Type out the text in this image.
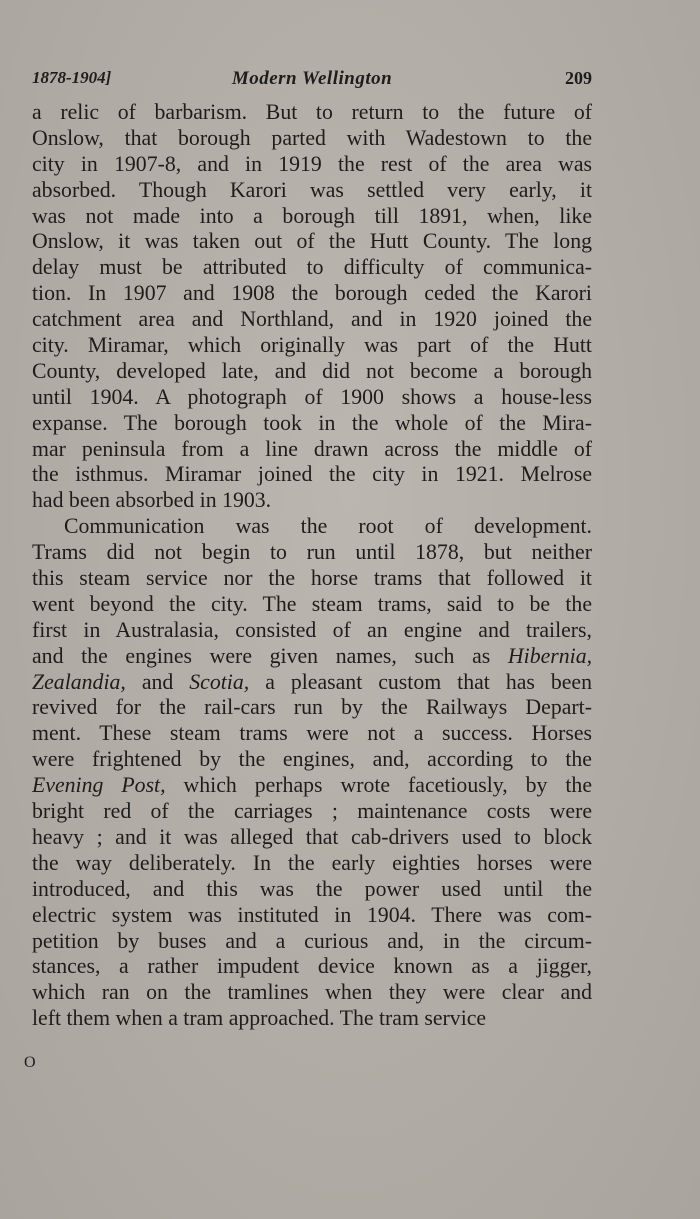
1878-1904]	Modern Wellington	209
a relic of barbarism. But to return to the future of
Onslow, that borough parted with Wadestown to the
city in 1907-8, and in 1919 the rest of the area was
absorbed. Though Karori was settled very early, it
was not made into a borough till 1891, when, like
Onslow, it was taken out of the Hutt County. The long
delay must be attributed to difficulty of communica-
tion. In 1907 and 1908 the borough ceded the Karori
catchment area and Northland, and in 1920 joined the
city. Miramar, which originally was part of the Hutt
County, developed late, and did not become a borough
until 1904. A photograph of 1900 shows a house-less
expanse. The borough took in the whole of the Mira-
mar peninsula from a line drawn across the middle of
the isthmus. Miramar joined the city in 1921. Melrose
had been absorbed in 1903.
Communication was the root of development.
Trams did not begin to run until 1878, but neither
this steam service nor the horse trams that followed it
went beyond the city. The steam trams, said to be the
first in Australasia, consisted of an engine and trailers,
and the engines were given names, such as Hibernia,
Zealandia, and Scotia, a pleasant custom that has been
revived for the rail-cars run by the Railways Depart-
ment. These steam trams were not a success. Horses
were frightened by the engines, and, according to the
Evening Post, which perhaps wrote facetiously, by the
bright red of the carriages ; maintenance costs were
heavy ; and it was alleged that cab-drivers used to block
the way deliberately. In the early eighties horses were
introduced, and this was the power used until the
electric system was instituted in 1904. There was com-
petition by buses and a curious and, in the circum-
stances, a rather impudent device known as a jigger,
which ran on the tramlines when they were clear and
left them when a tram approached. The tram service
O
